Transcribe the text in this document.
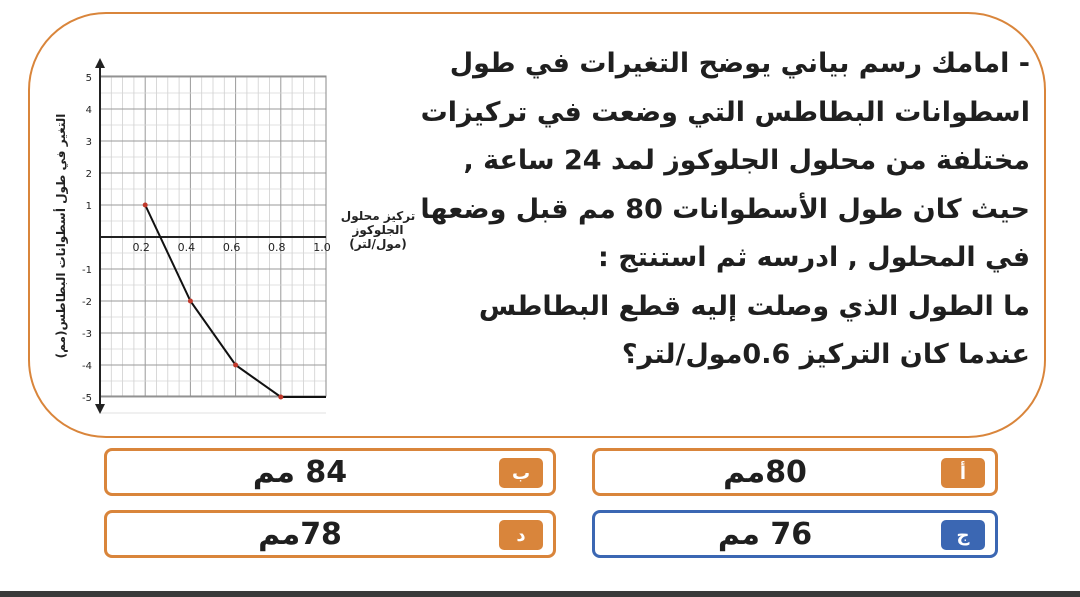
- امامك رسم بياني يوضح التغيرات في طول
اسطوانات البطاطس التي وضعت في تركيزات
مختلفة من محلول الجلوكوز لمد 24 ساعة ,
حيث كان طول الأسطوانات 80 مم قبل وضعها
في المحلول , ادرسه ثم استنتج :
ما الطول الذي وصلت إليه قطع البطاطس
عندما كان التركيز 0.6مول/لتر؟
5
4
3
2
1
-1
-2
-3
-4
-5
0.2	0.4	0.6	0.8	1.0
التغير في طول أسطوانات البطاطس(مم)	تركيز محلول
الجلوكوز
(مول/لتر)
أ
80مم
ب
84 مم
ج
76 مم
د
78مم
